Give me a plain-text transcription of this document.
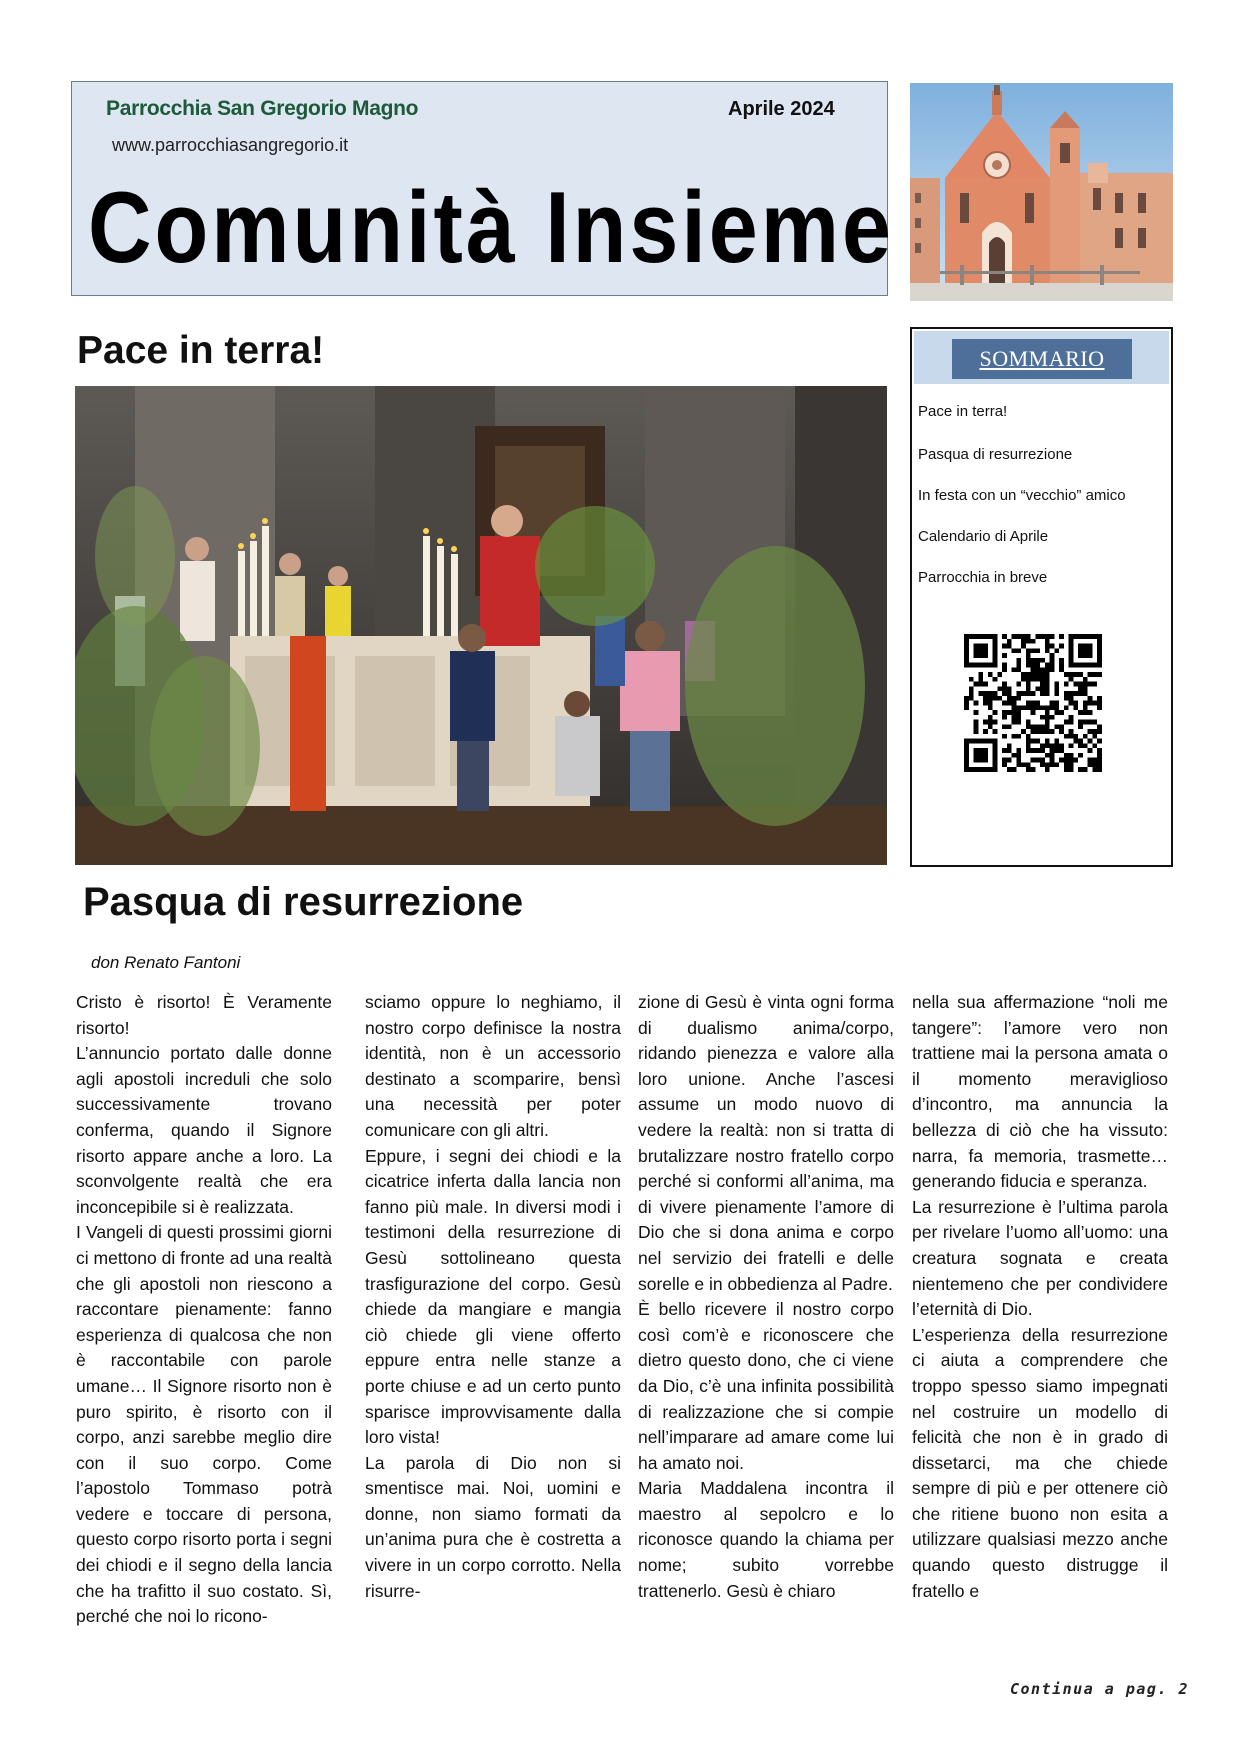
Parrocchia San Gregorio Magno	Aprile 2024
www.parrocchiasangregorio.it
Comunità Insieme
SOMMARIO
Pace in terra!
Pasqua di resurrezione
In festa con un “vecchio” amico
Calendario di Aprile
Parrocchia in breve
Pace in terra!
Pasqua di resurrezione
don Renato Fantoni

Cristo è risorto! È Veramente risorto!

L’annuncio portato dalle donne agli apostoli increduli che solo successivamente trovano conferma, quando il Signore risorto appare anche a loro. La sconvolgente realtà che era inconcepibile si è realizzata.

I Vangeli di questi prossimi giorni ci mettono di fronte ad una realtà che gli apostoli non riescono a raccontare pienamente: fanno esperienza di qualcosa che non è raccontabile con parole umane… Il Signore risorto non è puro spirito, è risorto con il corpo, anzi sarebbe meglio dire con il suo corpo. Come l’apostolo Tommaso potrà vedere e toccare di persona, questo corpo risorto porta i segni dei chiodi e il segno della lancia che ha trafitto il suo costato. Sì, perché che noi lo ricono-

sciamo oppure lo neghiamo, il nostro corpo definisce la nostra identità, non è un accessorio destinato a scomparire, bensì una necessità per poter comunicare con gli altri.

Eppure, i segni dei chiodi e la cicatrice inferta dalla lancia non fanno più male. In diversi modi i testimoni della resurrezione di Gesù sottolineano questa trasfigurazione del corpo. Gesù chiede da mangiare e mangia ciò chiede gli viene offerto eppure entra nelle stanze a porte chiuse e ad un certo punto sparisce improvvisamente dalla loro vista!

La parola di Dio non si smentisce mai. Noi, uomini e donne, non siamo formati da un’anima pura che è costretta a vivere in un corpo corrotto. Nella risurre-

zione di Gesù è vinta ogni forma di dualismo anima/corpo, ridando pienezza e valore alla loro unione. Anche l’ascesi assume un modo nuovo di vedere la realtà: non si tratta di brutalizzare nostro fratello corpo perché si conformi all’anima, ma di vivere pienamente l’amore di Dio che si dona anima e corpo nel servizio dei fratelli e delle sorelle e in obbedienza al Padre.

È bello ricevere il nostro corpo così com’è e riconoscere che dietro questo dono, che ci viene da Dio, c’è una infinita possibilità di realizzazione che si compie nell’imparare ad amare come lui ha amato noi.

Maria Maddalena incontra il maestro al sepolcro e lo riconosce quando la chiama per nome; subito vorrebbe trattenerlo. Gesù è chiaro

nella sua affermazione “noli me tangere”: l’amore vero non trattiene mai la persona amata o il momento meraviglioso d’incontro, ma annuncia la bellezza di ciò che ha vissuto: narra, fa memoria, trasmette… generando fiducia e speranza.

La resurrezione è l’ultima parola per rivelare l’uomo all’uomo: una creatura sognata e creata nientemeno che per condividere l’eternità di Dio.

L’esperienza della resurrezione ci aiuta a comprendere che troppo spesso siamo impegnati nel costruire un modello di felicità che non è in grado di dissetarci, ma che chiede sempre di più e per ottenere ciò che ritiene buono non esita a utilizzare qualsiasi mezzo anche quando questo distrugge il fratello e

Continua a pag. 2
